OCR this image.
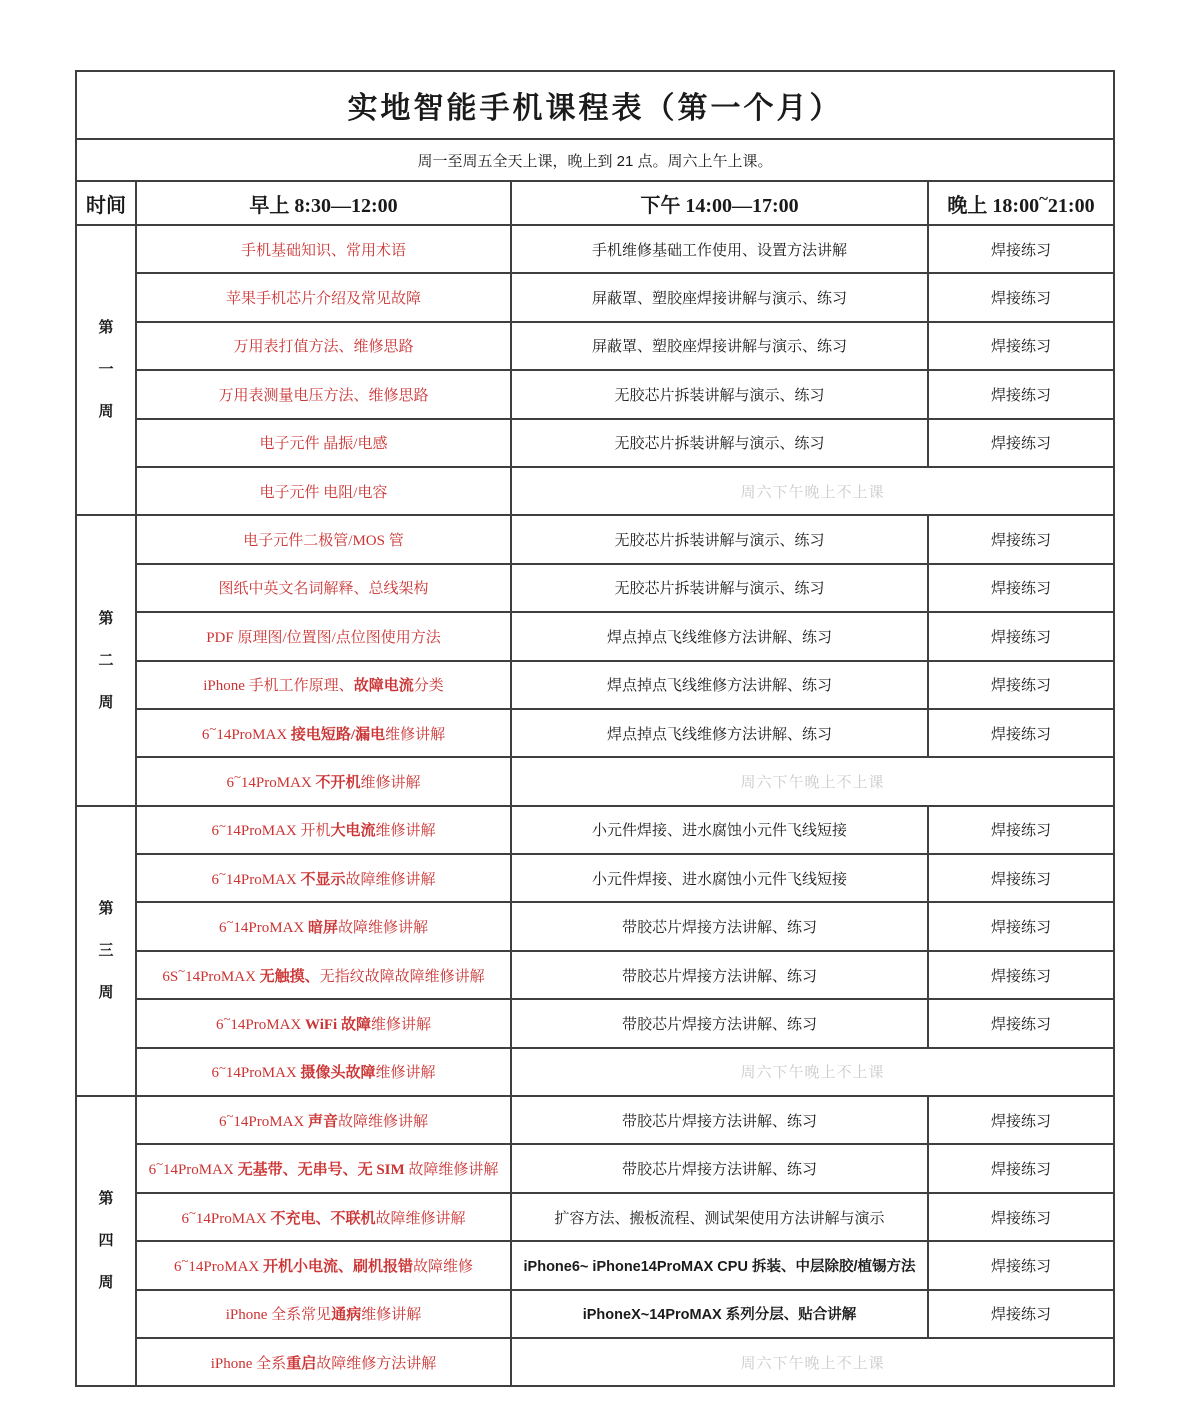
实地智能手机课程表（第一个月）			
周一至周五全天上课，晚上到 21 点。周六上午上课。			
时间	早上 8:30—12:00	下午 14:00—17:00	晚上 18:00~21:00

第
一
周	手机基础知识、常用术语	手机维修基础工作使用、设置方法讲解	焊接练习
	苹果手机芯片介绍及常见故障	屏蔽罩、塑胶座焊接讲解与演示、练习	焊接练习
	万用表打值方法、维修思路	屏蔽罩、塑胶座焊接讲解与演示、练习	焊接练习
	万用表测量电压方法、维修思路	无胶芯片拆装讲解与演示、练习	焊接练习
	电子元件 晶振/电感	无胶芯片拆装讲解与演示、练习	焊接练习
	电子元件 电阻/电容	周六下午晚上不上课	

第
二
周	电子元件二极管/MOS 管	无胶芯片拆装讲解与演示、练习	焊接练习
	图纸中英文名词解释、总线架构	无胶芯片拆装讲解与演示、练习	焊接练习
	PDF 原理图/位置图/点位图使用方法	焊点掉点飞线维修方法讲解、练习	焊接练习
	iPhone 手机工作原理、故障电流分类	焊点掉点飞线维修方法讲解、练习	焊接练习
	6~14ProMAX 接电短路/漏电维修讲解	焊点掉点飞线维修方法讲解、练习	焊接练习
	6~14ProMAX 不开机维修讲解	周六下午晚上不上课	

第
三
周	6~14ProMAX 开机大电流维修讲解	小元件焊接、进水腐蚀小元件飞线短接	焊接练习
	6~14ProMAX 不显示故障维修讲解	小元件焊接、进水腐蚀小元件飞线短接	焊接练习
	6~14ProMAX 暗屏故障维修讲解	带胶芯片焊接方法讲解、练习	焊接练习
	6S~14ProMAX 无触摸、无指纹故障故障维修讲解	带胶芯片焊接方法讲解、练习	焊接练习
	6~14ProMAX WiFi 故障维修讲解	带胶芯片焊接方法讲解、练习	焊接练习
	6~14ProMAX 摄像头故障维修讲解	周六下午晚上不上课	

第
四
周	6~14ProMAX 声音故障维修讲解	带胶芯片焊接方法讲解、练习	焊接练习
	6~14ProMAX 无基带、无串号、无 SIM 故障维修讲解	带胶芯片焊接方法讲解、练习	焊接练习
	6~14ProMAX 不充电、不联机故障维修讲解	扩容方法、搬板流程、测试架使用方法讲解与演示	焊接练习
	6~14ProMAX 开机小电流、刷机报错故障维修	iPhone6~ iPhone14ProMAX CPU 拆装、中层除胶/植锡方法	焊接练习
	iPhone 全系常见通病维修讲解	iPhoneX~14ProMAX 系列分层、贴合讲解	焊接练习
	iPhone 全系重启故障维修方法讲解	周六下午晚上不上课	
